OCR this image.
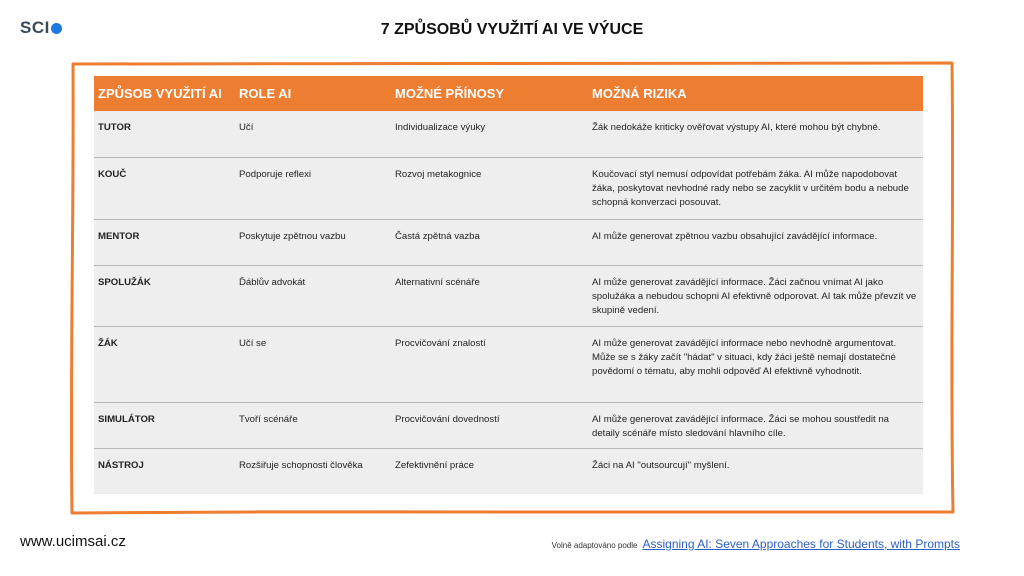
SCI	7 ZPŮSOBŮ VYUŽITÍ AI VE VÝUCE
ZPŮSOB VYUŽITÍ AI	ROLE AI	MOŽNÉ PŘÍNOSY	MOŽNÁ RIZIKA
TUTOR	Učí	Individualizace výuky	Žák nedokáže kriticky ověřovat výstupy AI, které mohou být chybné.
KOUČ	Podporuje reflexi	Rozvoj metakognice	Koučovací styl nemusí odpovídat potřebám žáka. AI může napodobovat žáka, poskytovat nevhodné rady nebo se zacyklit v určitém bodu a nebude schopná konverzaci posouvat.
MENTOR	Poskytuje zpětnou vazbu	Častá zpětná vazba	AI může generovat zpětnou vazbu obsahující zavádějící informace.
SPOLUŽÁK	Ďáblův advokát	Alternativní scénáře	AI může generovat zavádějící informace. Žáci začnou vnímat AI jako spolužáka a nebudou schopni AI efektivně odporovat. AI tak může převzít ve skupině vedení.
ŽÁK	Učí se	Procvičování znalostí	AI může generovat zavádějící informace nebo nevhodně argumentovat. Může se s žáky začít "hádat" v situaci, kdy žáci ještě nemají dostatečné povědomí o tématu, aby mohli odpověď AI efektivně vyhodnotit.
SIMULÁTOR	Tvoří scénáře	Procvičování dovedností	AI může generovat zavádějící informace. Žáci se mohou soustředit na detaily scénáře místo sledování hlavního cíle.
NÁSTROJ	Rozšiřuje schopnosti člověka	Zefektivnění práce	Žáci na AI "outsourcují" myšlení.
www.ucimsai.cz	Volně adaptováno podle Assigning AI: Seven Approaches for Students, with Prompts
